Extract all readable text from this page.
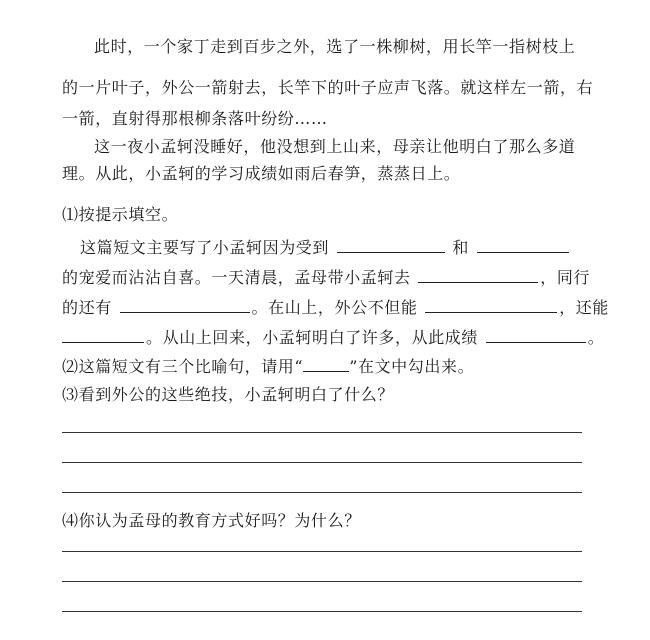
此时，一个家丁走到百步之外，选了一株柳树，用长竿一指树枝上
的一片叶子，外公一箭射去，长竿下的叶子应声飞落。就这样左一箭，右
一箭，直射得那根柳条落叶纷纷……
这一夜小孟轲没睡好，他没想到上山来，母亲让他明白了那么多道
理。从此，小孟轲的学习成绩如雨后春笋，蒸蒸日上。
⑴按提示填空。
这篇短文主要写了小孟轲因为受到	和
的宠爱而沾沾自喜。一天清晨，孟母带小孟轲去	，同行
的还有	。在山上，外公不但能	，还能
。从山上回来，小孟轲明白了许多，从此成绩	。
⑵这篇短文有三个比喻句，请用“	”在文中勾出来。
⑶看到外公的这些绝技，小孟轲明白了什么？
⑷你认为孟母的教育方式好吗？为什么？
